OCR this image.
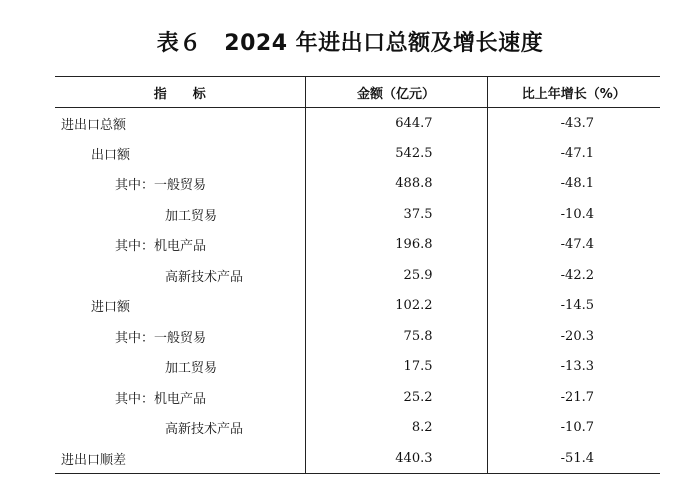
表６　2024 年进出口总额及增长速度
指　　标	金额（亿元）	比上年增长（%）
进出口总额	644.7	-43.7
出口额	542.5	-47.1
其中：一般贸易	488.8	-48.1
加工贸易	37.5	-10.4
其中：机电产品	196.8	-47.4
高新技术产品	25.9	-42.2
进口额	102.2	-14.5
其中：一般贸易	75.8	-20.3
加工贸易	17.5	-13.3
其中：机电产品	25.2	-21.7
高新技术产品	8.2	-10.7
进出口顺差	440.3	-51.4
